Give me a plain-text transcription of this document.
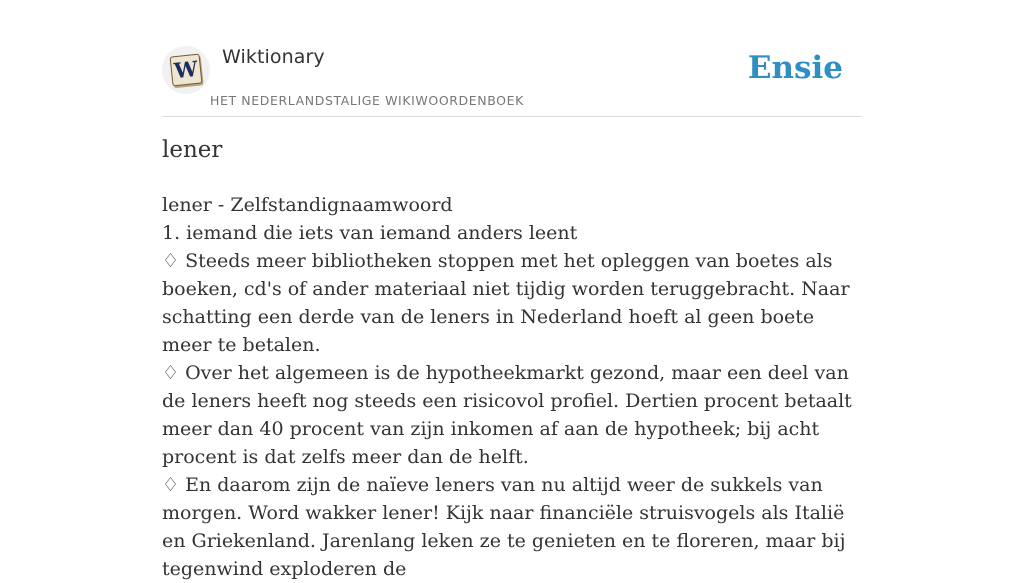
W Wiktionary
HET NEDERLANDSTALIGE WIKIWOORDENBOEK
Ensie
lener

lener - Zelfstandignaamwoord

1. iemand die iets van iemand anders leent

♢ Steeds meer bibliotheken stoppen met het opleggen van boetes als boeken, cd's of ander materiaal niet tijdig worden teruggebracht. Naar schatting een derde van de leners in Nederland hoeft al geen boete meer te betalen.

♢ Over het algemeen is de hypotheekmarkt gezond, maar een deel van de leners heeft nog steeds een risicovol profiel. Dertien procent betaalt meer dan 40 procent van zijn inkomen af aan de hypotheek; bij acht procent is dat zelfs meer dan de helft.

♢ En daarom zijn de naïeve leners van nu altijd weer de sukkels van morgen. Word wakker lener! Kijk naar financiële struisvogels als Italië en Griekenland. Jarenlang leken ze te genieten en te floreren, maar bij tegenwind exploderen de
